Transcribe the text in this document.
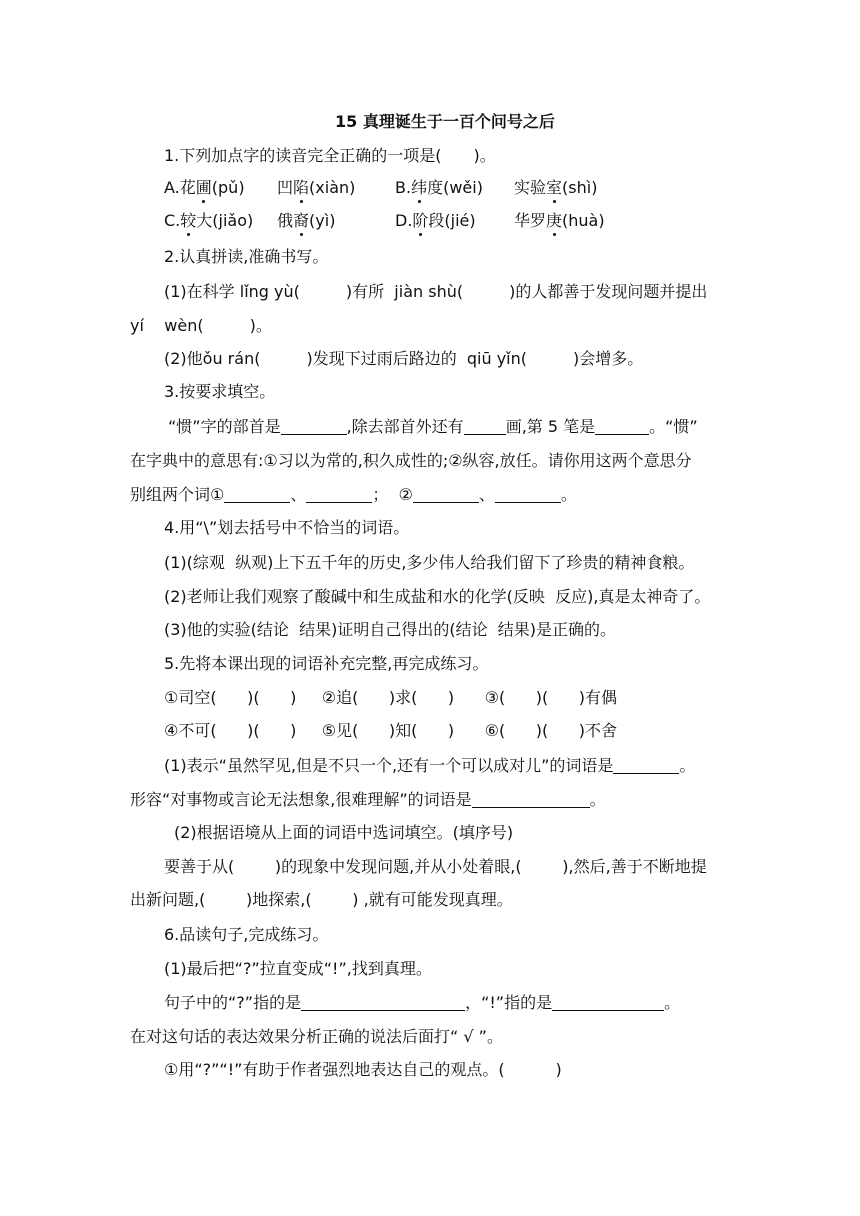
15 真理诞生于一百个问号之后
1.下列加点字的读音完全正确的一项是(　　)。
A.花圃(pǔ) 凹陷(xiàn) B.纬度(wěi) 实验室(shì)
C.较大(jiǎo) 俄裔(yì)	D.阶段(jié) 华罗庚(huà)
2.认真拼读,准确书写。
(1)在科学 lǐng yù(	)有所  jiàn shù(	)的人都善于发现问题并提出
yí    wèn(	)。
(2)他ǒu rán(	)发现下过雨后路边的  qiū yǐn(	)会增多。
3.按要求填空。
“惯”字的部首是	,除去部首外还有	画,第 5 笔是	。“惯”
在字典中的意思有:①习以为常的,积久成性的;②纵容,放任。请你用这两个意思分
别组两个词①	、	；  ②	、	。
4.用“\”划去括号中不恰当的词语。
(1)(综观  纵观)上下五千年的历史,多少伟人给我们留下了珍贵的精神食粮。
(2)老师让我们观察了酸碱中和生成盐和水的化学(反映  反应),真是太神奇了。
(3)他的实验(结论  结果)证明自己得出的(结论  结果)是正确的。
5.先将本课出现的词语补充完整,再完成练习。
①司空(      )(      )     ②追(      )求(      )      ③(      )(      )有偶
④不可(      )(      )     ⑤见(      )知(      )      ⑥(      )(      )不舍
(1)表示“虽然罕见,但是不只一个,还有一个可以成对儿”的词语是	。
形容“对事物或言论无法想象,很难理解”的词语是	。
(2)根据语境从上面的词语中选词填空。(填序号)
要善于从(        )的现象中发现问题,并从小处着眼,(        ),然后,善于不断地提
出新问题,(        )地探索,(        ) ,就有可能发现真理。
6.品读句子,完成练习。
(1)最后把“?”拉直变成“!”,找到真理。
句子中的“?”指的是	，“!”指的是	。
在对这句话的表达效果分析正确的说法后面打“ √ ”。
①用“?”“!”有助于作者强烈地表达自己的观点。(          )
